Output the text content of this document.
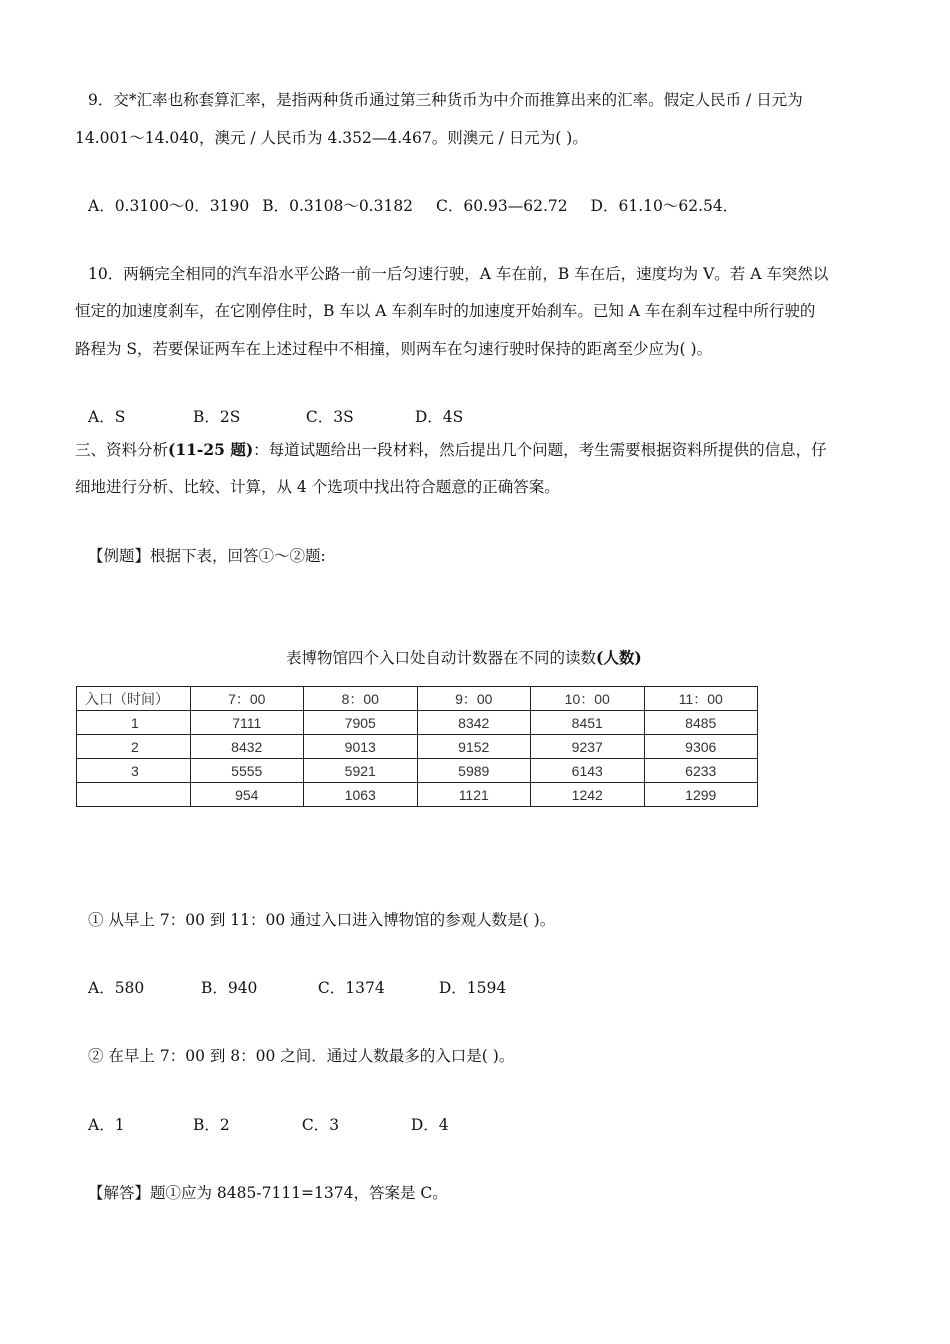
9．交*汇率也称套算汇率，是指两种货币通过第三种货币为中介而推算出来的汇率。假定人民币 / 日元为
14.001～14.040，澳元 / 人民币为 4.352—4.467。则澳元 / 日元为( )。
A．0.3100～0．3190 B．0.3108～0.3182 C．60.93—62.72 D．61.10～62.54．
10．两辆完全相同的汽车沿水平公路一前一后匀速行驶，A 车在前，B 车在后，速度均为 V。若 A 车突然以
恒定的加速度刹车，在它刚停住时，B 车以 A 车刹车时的加速度开始刹车。已知 A 车在刹车过程中所行驶的
路程为 S，若要保证两车在上述过程中不相撞，则两车在匀速行驶时保持的距离至少应为( )。
A．S	B．2S	C．3S	D．4S
三、资料分析(11-25 题)：每道试题给出一段材料，然后提出几个问题，考生需要根据资料所提供的信息，仔
细地进行分析、比较、计算，从 4 个选项中找出符合题意的正确答案。
【例题】根据下表，回答①～②题:
表博物馆四个入口处自动计数器在不同的读数(人数)
入口（时间）	7：00	8：00	9：00	10：00	11：00
1	7111	7905	8342	8451	8485
2	8432	9013	9152	9237	9306
3	5555	5921	5989	6143	6233
	954	1063	1121	1242	1299
① 从早上 7：00 到 11：00 通过入口进入博物馆的参观人数是( )。
A．580	B．940	C．1374	D．1594
② 在早上 7：00 到 8：00 之间．通过人数最多的入口是( )。
A．1	B．2	C．3	D．4
【解答】题①应为 8485-7111=1374，答案是 C。
